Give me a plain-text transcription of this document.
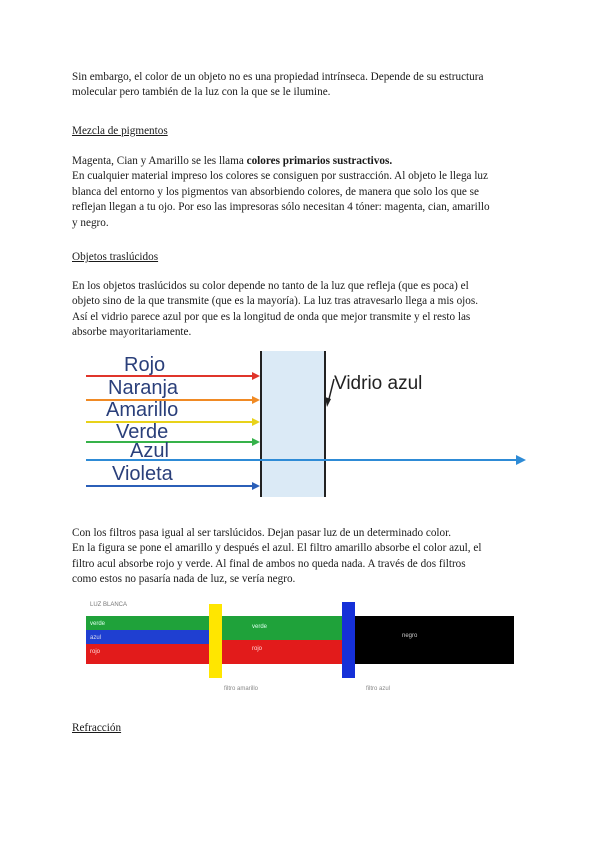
Sin embargo, el color de un objeto no es una propiedad intrínseca. Depende de su estructura
molecular pero también de la luz con la que se le ilumine.

Mezcla de pigmentos

Magenta, Cian y Amarillo se les llama colores primarios sustractivos.
En cualquier material impreso los colores se consiguen por sustracción. Al objeto le llega luz
blanca del entorno y los pigmentos van absorbiendo colores, de manera que solo los que se
reflejan llegan a tu ojo. Por eso las impresoras sólo necesitan 4 tóner: magenta, cian, amarillo
y negro.

Objetos traslúcidos

En los objetos traslúcidos su color depende no tanto de la luz que refleja (que es poca) el
objeto sino de la que transmite (que es la mayoría). La luz tras atravesarlo llega a mis ojos.
Así el vidrio parece azul por que es la longitud de onda que mejor transmite y el resto las
absorbe mayoritariamente.

Rojo
Naranja
Amarillo
Verde
Azul
Violeta
Vidrio azul

Con los filtros pasa igual al ser tarslúcidos. Dejan pasar luz de un determinado color.
En la figura se pone el amarillo y después el azul. El filtro amarillo absorbe el color azul, el
filtro acul absorbe rojo y verde. Al final de ambos no queda nada. A través de dos filtros
como estos no pasaría nada de luz, se vería negro.

LUZ BLANCA
verde
azul
rojo
verde
rojo
negro
filtro amarillo	filtro azul

Refracción
